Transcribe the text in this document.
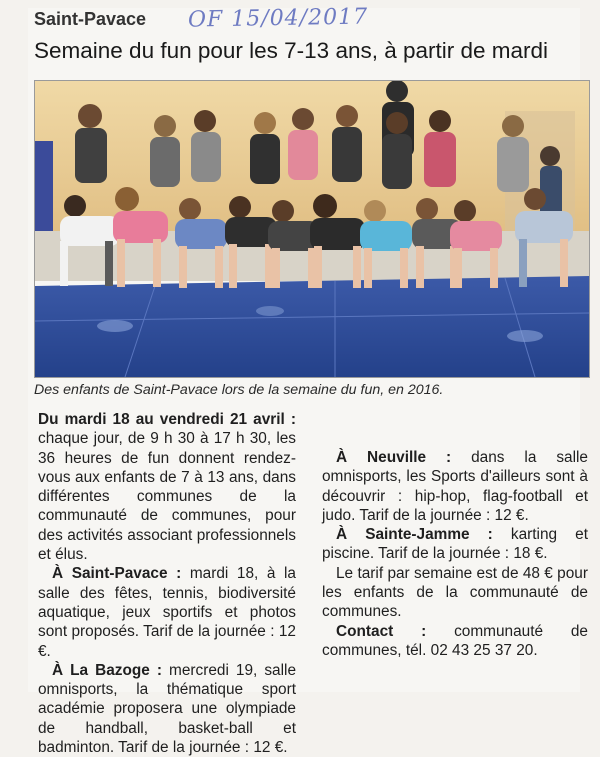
Saint-Pavace OF 15/04/2017
Semaine du fun pour les 7-13 ans, à partir de mardi
Des enfants de Saint-Pavace lors de la semaine du fun, en 2016.

Du mardi 18 au vendredi 21 avril : chaque jour, de 9 h 30 à 17 h 30, les 36 heures de fun donnent rendez-vous aux enfants de 7 à 13 ans, dans différentes communes de la communauté de communes, pour des activités associant professionnels et élus.

À Saint-Pavace : mardi 18, à la salle des fêtes, tennis, biodiversité aquatique, jeux sportifs et photos sont proposés. Tarif de la journée : 12 €.

À La Bazoge : mercredi 19, salle omnisports, la thématique sport académie proposera une olympiade de handball, basket-ball et badminton. Tarif de la journée : 12 €.

À Neuville : dans la salle omnisports, les Sports d'ailleurs sont à découvrir : hip-hop, flag-football et judo. Tarif de la journée : 12 €.

À Sainte-Jamme : karting et piscine. Tarif de la journée : 18 €.

Le tarif par semaine est de 48 € pour les enfants de la communauté de communes.

Contact : communauté de communes, tél. 02 43 25 37 20.
